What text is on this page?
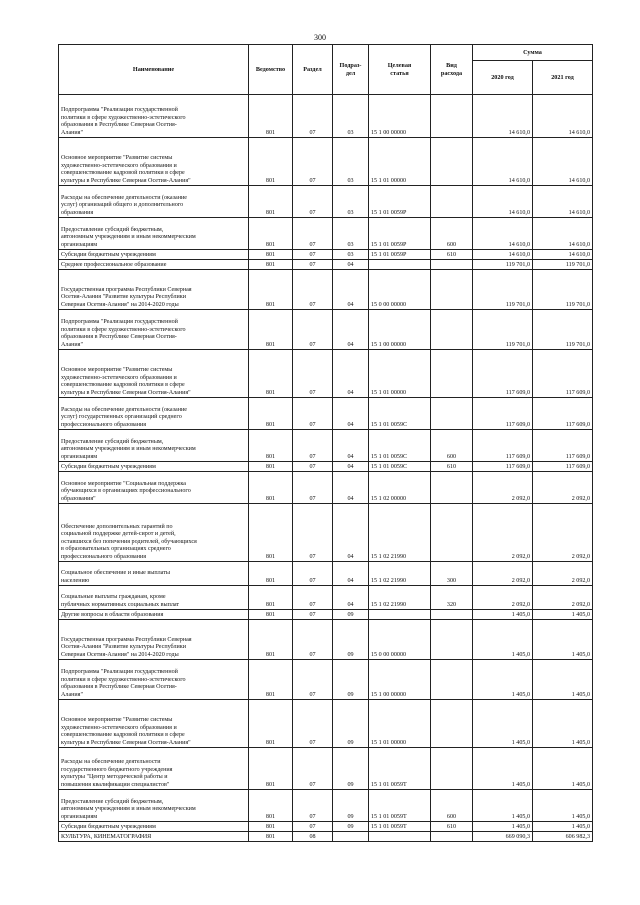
300
Наименование	Ведомство	Раздел	Подраз-
дел	Целевая
статья	Вид
расхода	Сумма	
						2020 год	2021 год
Подпрограмма "Реализация государственной
политики в сфере художественно-эстетического
образования в Республике Северная Осетия-
Алания"	801	07	03	15 1 00 00000		14 610,0	14 610,0
Основное мероприятие "Развитие системы
художественно-эстетического образования и
совершенствование кадровой политики в сфере
культуры в Республике Северная Осетия-Алания"	801	07	03	15 1 01 00000		14 610,0	14 610,0
Расходы на обеспечение деятельности (оказание
услуг) организаций общего и дополнительного
образования	801	07	03	15 1 01 0059Р		14 610,0	14 610,0
Предоставление субсидий бюджетным,
автономным учреждениям и иным некоммерческим
организациям	801	07	03	15 1 01 0059Р	600	14 610,0	14 610,0
Субсидии бюджетным учреждениям	801	07	03	15 1 01 0059Р	610	14 610,0	14 610,0
Среднее профессиональное образование	801	07	04			119 701,0	119 701,0
Государственная программа Республики Северная
Осетия-Алания "Развитие культуры Республики
Северная Осетия-Алания" на 2014-2020 годы	801	07	04	15 0 00 00000		119 701,0	119 701,0
Подпрограмма "Реализация государственной
политики в сфере художественно-эстетического
образования в Республике Северная Осетия-
Алания"	801	07	04	15 1 00 00000		119 701,0	119 701,0
Основное мероприятие "Развитие системы
художественно-эстетического образования и
совершенствование кадровой политики в сфере
культуры в Республике Северная Осетия-Алания"	801	07	04	15 1 01 00000		117 609,0	117 609,0
Расходы на обеспечение деятельности (оказание
услуг) государственных организаций среднего
профессионального образования	801	07	04	15 1 01 0059С		117 609,0	117 609,0
Предоставление субсидий бюджетным,
автономным учреждениям и иным некоммерческим
организациям	801	07	04	15 1 01 0059С	600	117 609,0	117 609,0
Субсидии бюджетным учреждениям	801	07	04	15 1 01 0059С	610	117 609,0	117 609,0
Основное мероприятие "Социальная поддержка
обучающихся в организациях профессионального
образования"	801	07	04	15 1 02 00000		2 092,0	2 092,0
Обеспечение дополнительных гарантий по
социальной поддержке детей-сирот и детей,
оставшихся без попечения родителей, обучающихся
в образовательных организациях среднего
профессионального образования	801	07	04	15 1 02 21990		2 092,0	2 092,0
Социальное обеспечение и иные выплаты
населению	801	07	04	15 1 02 21990	300	2 092,0	2 092,0
Социальные выплаты гражданам, кроме
публичных нормативных социальных выплат	801	07	04	15 1 02 21990	320	2 092,0	2 092,0
Другие вопросы в области образования	801	07	09			1 405,0	1 405,0
Государственная программа Республики Северная
Осетия-Алания "Развитие культуры Республики
Северная Осетия-Алания" на 2014-2020 годы	801	07	09	15 0 00 00000		1 405,0	1 405,0
Подпрограмма "Реализация государственной
политики в сфере художественно-эстетического
образования в Республике Северная Осетия-
Алания"	801	07	09	15 1 00 00000		1 405,0	1 405,0
Основное мероприятие "Развитие системы
художественно-эстетического образования и
совершенствование кадровой политики в сфере
культуры в Республике Северная Осетия-Алания"	801	07	09	15 1 01 00000		1 405,0	1 405,0
Расходы на обеспечение деятельности
государственного бюджетного учреждения
культуры "Центр методической работы и
повышения квалификации специалистов"	801	07	09	15 1 01 0059Т		1 405,0	1 405,0
Предоставление субсидий бюджетным,
автономным учреждениям и иным некоммерческим
организациям	801	07	09	15 1 01 0059Т	600	1 405,0	1 405,0
Субсидии бюджетным учреждениям	801	07	09	15 1 01 0059Т	610	1 405,0	1 405,0
КУЛЬТУРА, КИНЕМАТОГРАФИЯ	801	08				669 090,3	606 982,3
